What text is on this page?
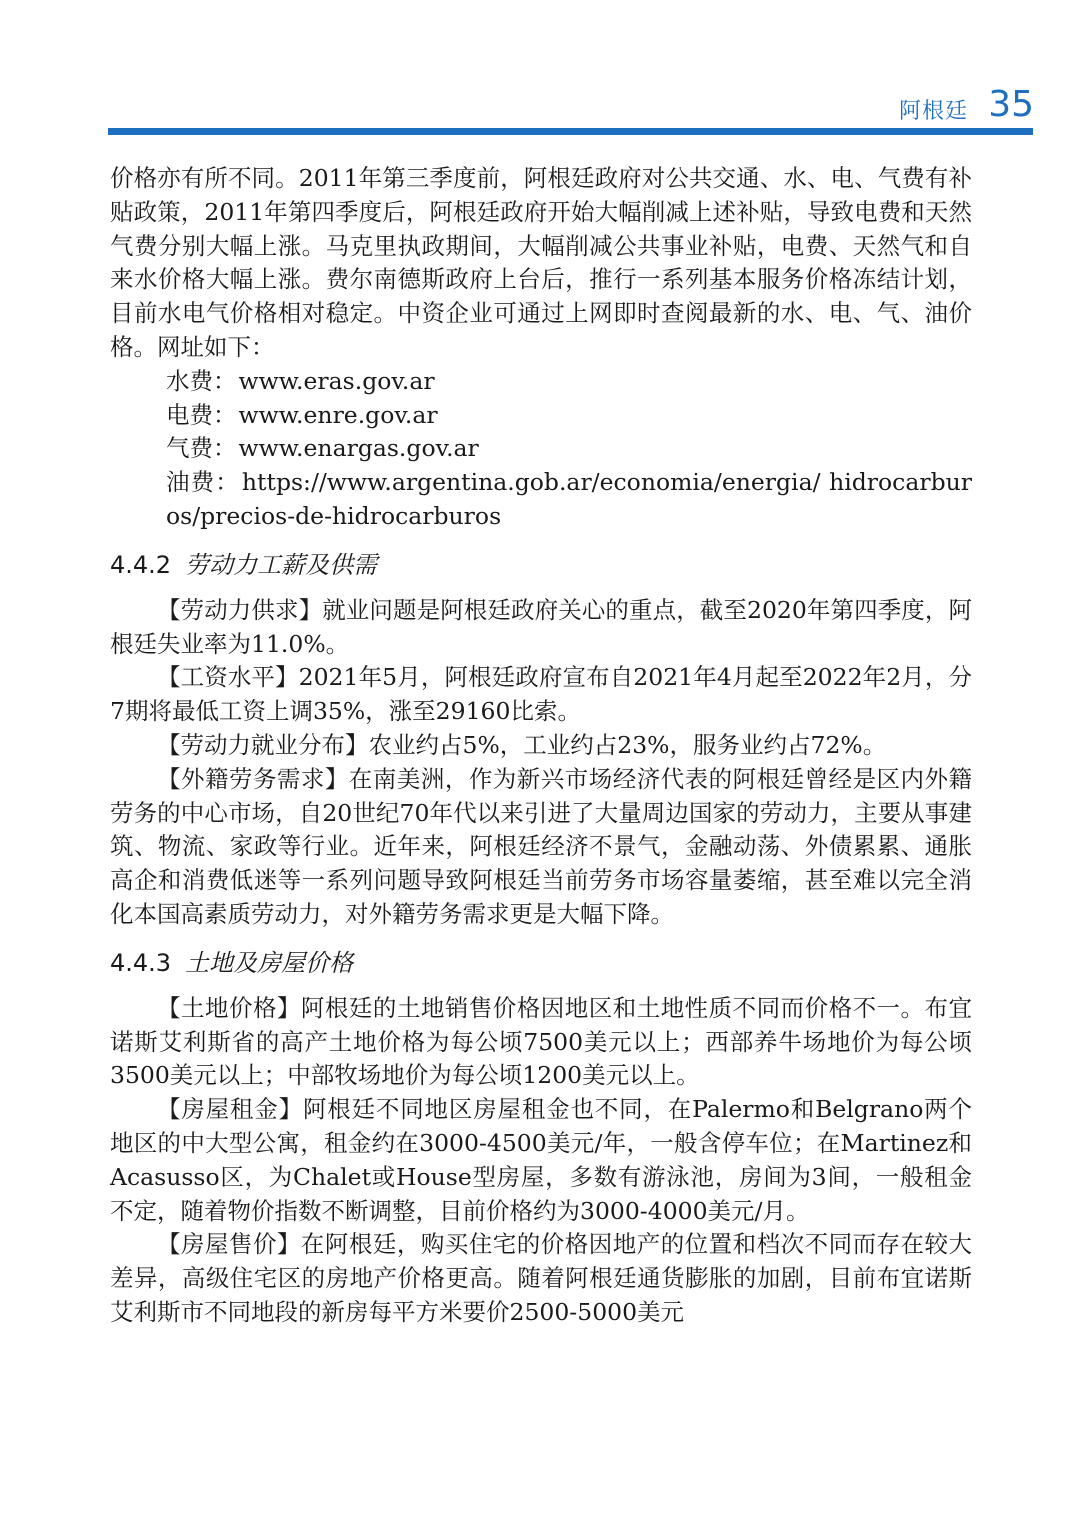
阿根廷 35

价格亦有所不同。2011年第三季度前，阿根廷政府对公共交通、水、电、气费有补贴政策，2011年第四季度后，阿根廷政府开始大幅削减上述补贴，导致电费和天然气费分别大幅上涨。马克里执政期间，大幅削减公共事业补贴，电费、天然气和自来水价格大幅上涨。费尔南德斯政府上台后，推行一系列基本服务价格冻结计划，目前水电气价格相对稳定。中资企业可通过上网即时查阅最新的水、电、气、油价格。网址如下：

水费：www.eras.gov.ar

电费：www.enre.gov.ar

气费：www.enargas.gov.ar

油费：https://www.argentina.gob.ar/economia/energia/ hidrocarburos/precios-de-hidrocarburos

4.4.2 劳动力工薪及供需

【劳动力供求】就业问题是阿根廷政府关心的重点，截至2020年第四季度，阿根廷失业率为11.0%。

【工资水平】2021年5月，阿根廷政府宣布自2021年4月起至2022年2月，分7期将最低工资上调35%，涨至29160比索。

【劳动力就业分布】农业约占5%，工业约占23%，服务业约占72%。

【外籍劳务需求】在南美洲，作为新兴市场经济代表的阿根廷曾经是区内外籍劳务的中心市场，自20世纪70年代以来引进了大量周边国家的劳动力，主要从事建筑、物流、家政等行业。近年来，阿根廷经济不景气，金融动荡、外债累累、通胀高企和消费低迷等一系列问题导致阿根廷当前劳务市场容量萎缩，甚至难以完全消化本国高素质劳动力，对外籍劳务需求更是大幅下降。

4.4.3 土地及房屋价格

【土地价格】阿根廷的土地销售价格因地区和土地性质不同而价格不一。布宜诺斯艾利斯省的高产土地价格为每公顷7500美元以上；西部养牛场地价为每公顷3500美元以上；中部牧场地价为每公顷1200美元以上。

【房屋租金】阿根廷不同地区房屋租金也不同，在Palermo和Belgrano两个地区的中大型公寓，租金约在3000-4500美元/年，一般含停车位；在Martinez和Acasusso区，为Chalet或House型房屋，多数有游泳池，房间为3间，一般租金不定，随着物价指数不断调整，目前价格约为3000-4000美元/月。

【房屋售价】在阿根廷，购买住宅的价格因地产的位置和档次不同而存在较大差异，高级住宅区的房地产价格更高。随着阿根廷通货膨胀的加剧，目前布宜诺斯艾利斯市不同地段的新房每平方米要价2500-5000美元
